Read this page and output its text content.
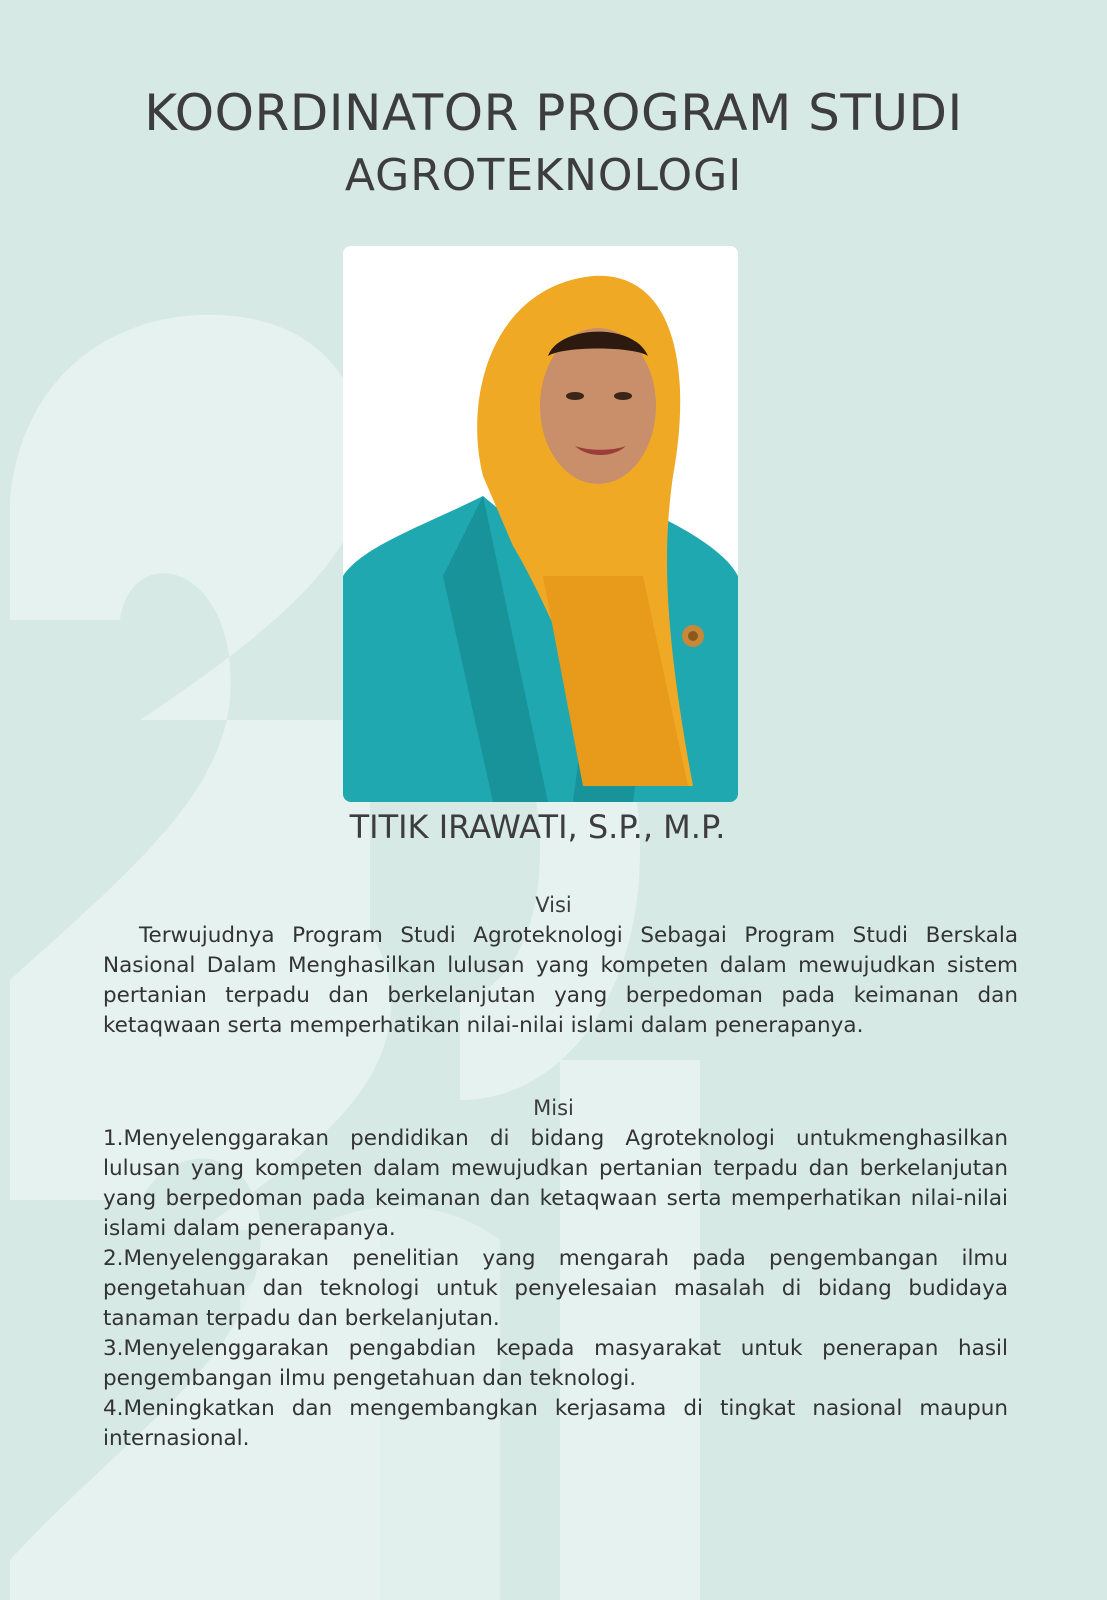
KOORDINATOR PROGRAM STUDI
AGROTEKNOLOGI
TITIK IRAWATI, S.P., M.P.
Visi

Terwujudnya Program Studi Agroteknologi Sebagai Program Studi Berskala Nasional Dalam Menghasilkan lulusan yang kompeten dalam mewujudkan sistem pertanian terpadu dan berkelanjutan yang berpedoman pada keimanan dan ketaqwaan serta memperhatikan nilai-nilai islami dalam penerapanya.

Misi

1.Menyelenggarakan pendidikan di bidang Agroteknologi untukmenghasilkan lulusan yang kompeten dalam mewujudkan pertanian terpadu dan berkelanjutan yang berpedoman pada keimanan dan ketaqwaan serta memperhatikan nilai-nilai islami dalam penerapanya.

2.Menyelenggarakan penelitian yang mengarah pada pengembangan ilmu pengetahuan dan teknologi untuk penyelesaian masalah di bidang budidaya tanaman terpadu dan berkelanjutan.

3.Menyelenggarakan pengabdian kepada masyarakat untuk penerapan hasil pengembangan ilmu pengetahuan dan teknologi.

4.Meningkatkan dan mengembangkan kerjasama di tingkat nasional maupun internasional.
